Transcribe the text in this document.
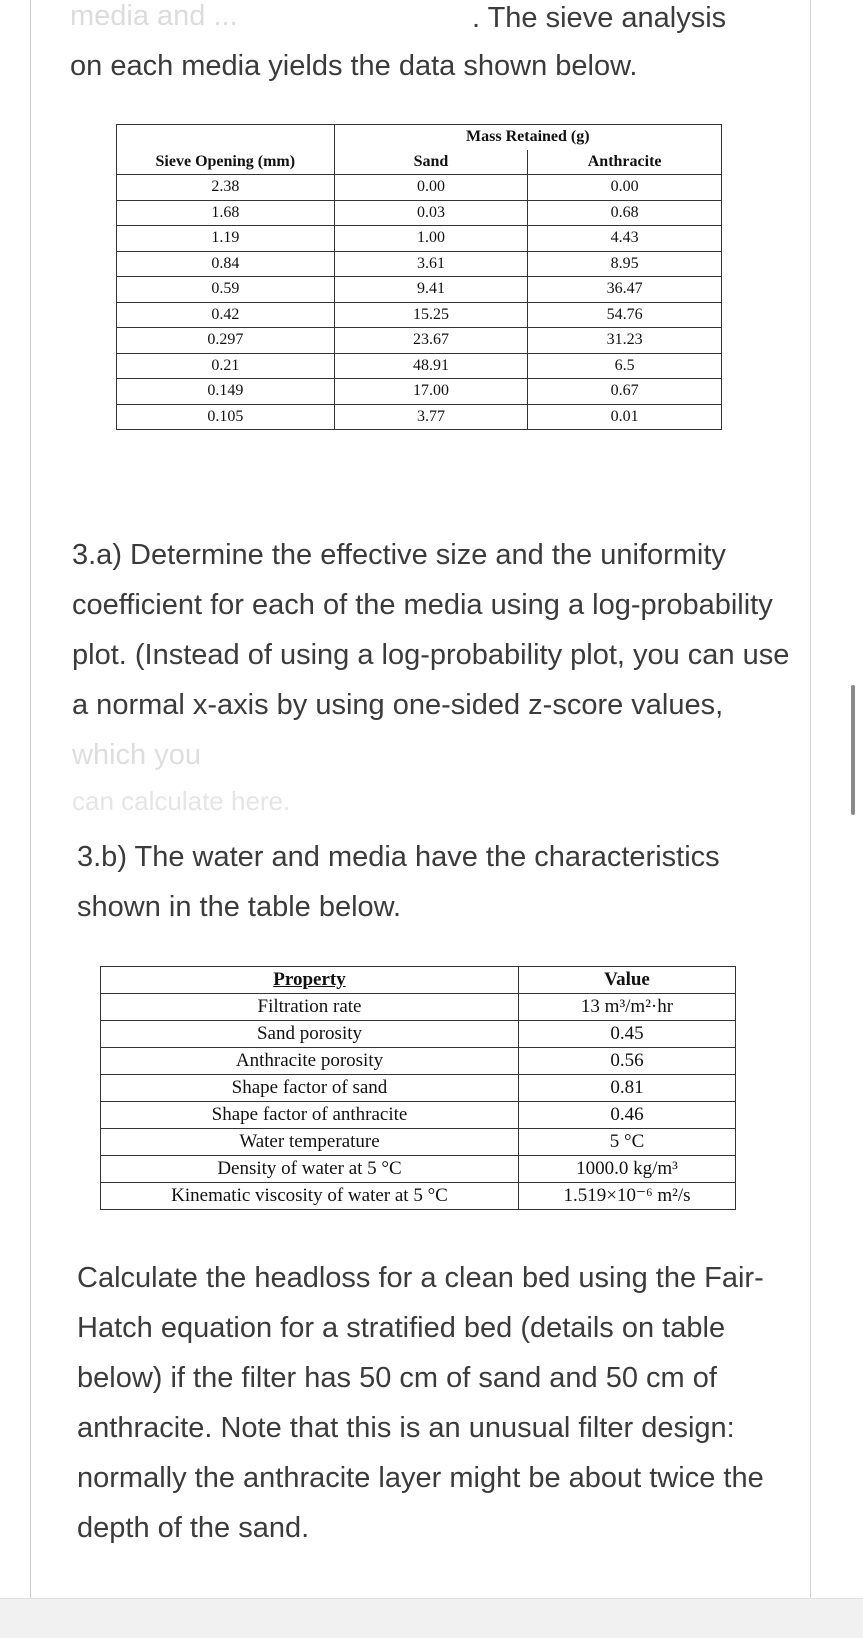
media and ...	. The sieve analysis
on each media yields the data shown below.
	Mass Retained (g)	
Sieve Opening (mm)	Sand	Anthracite
2.38	0.00	0.00
1.68	0.03	0.68
1.19	1.00	4.43
0.84	3.61	8.95
0.59	9.41	36.47
0.42	15.25	54.76
0.297	23.67	31.23
0.21	48.91	6.5
0.149	17.00	0.67
0.105	3.77	0.01
3.a) Determine the effective size and the uniformity coefficient for each of the media using a log-probability plot. (Instead of using a log-probability plot, you can use a normal x-axis by using one-sided z-score values, which you
can calculate here.
3.b) The water and media have the characteristics shown in the table below.
Property	Value
Filtration rate	13 m³/m²·hr
Sand porosity	0.45
Anthracite porosity	0.56
Shape factor of sand	0.81
Shape factor of anthracite	0.46
Water temperature	5 °C
Density of water at 5 °C	1000.0 kg/m³
Kinematic viscosity of water at 5 °C	1.519×10⁻⁶ m²/s
Calculate the headloss for a clean bed using the Fair-Hatch equation for a stratified bed (details on table below) if the filter has 50 cm of sand and 50 cm of anthracite. Note that this is an unusual filter design: normally the anthracite layer might be about twice the depth of the sand.
